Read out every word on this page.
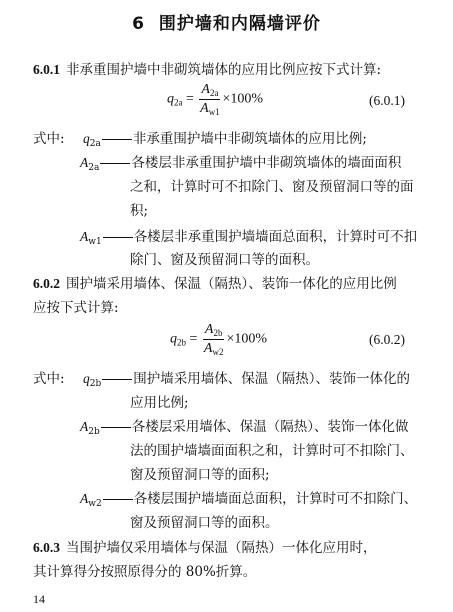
6 围护墙和内隔墙评价
6.0.1 非承重围护墙中非砌筑墙体的应用比例应按下式计算:
$q_{2a} = \frac{A_{2a}}{A_{w1}} \times 100\%$	(6.0.1)
式中: $q_{2a}$ 非承重围护墙中非砌筑墙体的应用比例;
$A_{2a}$ 各楼层非承重围护墙中非砌筑墙体的墙面面积
之和，计算时可不扣除门、窗及预留洞口等的面
积;
$A_{w1}$ 各楼层非承重围护墙墙面总面积，计算时可不扣
除门、窗及预留洞口等的面积。
6.0.2 围护墙采用墙体、保温（隔热）、装饰一体化的应用比例
应按下式计算:
$q_{2b} = \frac{A_{2b}}{A_{w2}} \times 100\%$	(6.0.2)
式中: $q_{2b}$ 围护墙采用墙体、保温（隔热）、装饰一体化的
应用比例;
$A_{2b}$ 各楼层采用墙体、保温（隔热）、装饰一体化做
法的围护墙墙面面积之和，计算时可不扣除门、
窗及预留洞口等的面积;
$A_{w2}$ 各楼层围护墙墙面总面积，计算时可不扣除门、
窗及预留洞口等的面积。
6.0.3 当围护墙仅采用墙体与保温（隔热）一体化应用时，
其计算得分按照原得分的 80%折算。
14
